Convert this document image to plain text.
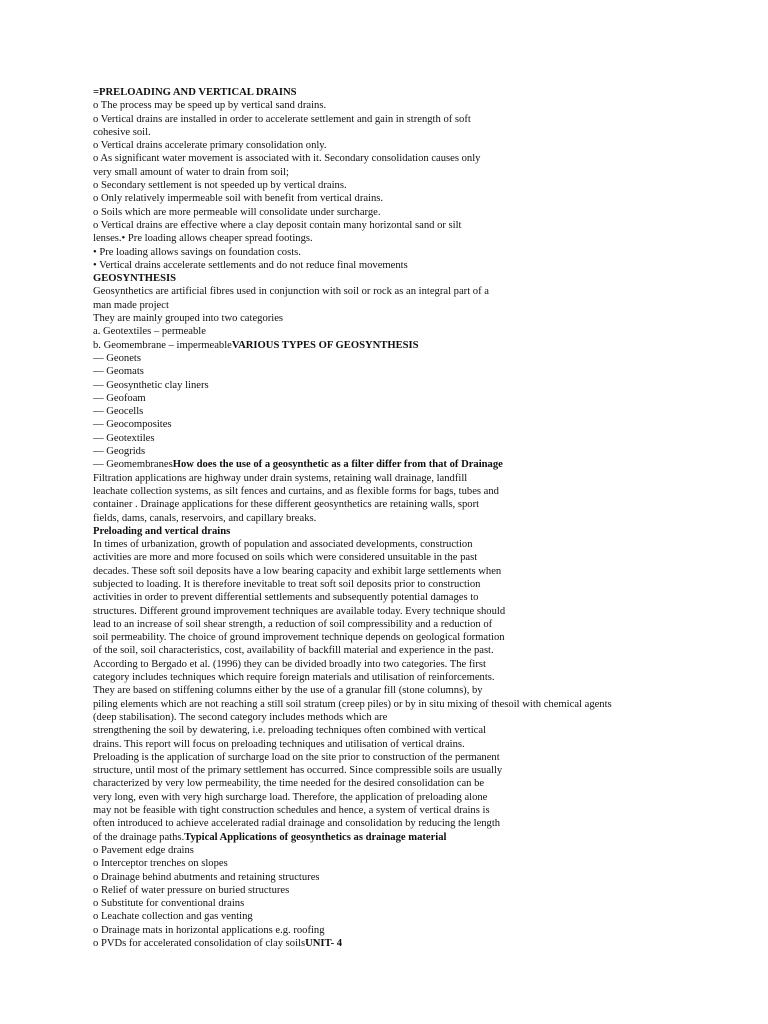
=PRELOADING AND VERTICAL DRAINS
o The process may be speed up by vertical sand drains.
o Vertical drains are installed in order to accelerate settlement and gain in strength of soft
cohesive soil.
o Vertical drains accelerate primary consolidation only.
o As significant water movement is associated with it. Secondary consolidation causes only
very small amount of water to drain from soil;
o Secondary settlement is not speeded up by vertical drains.
o Only relatively impermeable soil with benefit from vertical drains.
o Soils which are more permeable will consolidate under surcharge.
o Vertical drains are effective where a clay deposit contain many horizontal sand or silt
lenses.• Pre loading allows cheaper spread footings.
• Pre loading allows savings on foundation costs.
• Vertical drains accelerate settlements and do not reduce final movements
GEOSYNTHESIS
Geosynthetics are artificial fibres used in conjunction with soil or rock as an integral part of a
man made project
They are mainly grouped into two categories
a. Geotextiles – permeable
b. Geomembrane – impermeableVARIOUS TYPES OF GEOSYNTHESIS
— Geonets
— Geomats
— Geosynthetic clay liners
— Geofoam
— Geocells
— Geocomposites
— Geotextiles
— Geogrids
— GeomembranesHow does the use of a geosynthetic as a filter differ from that of Drainage
Filtration applications are highway under drain systems, retaining wall drainage, landfill
leachate collection systems, as silt fences and curtains, and as flexible forms for bags, tubes and
container . Drainage applications for these different geosynthetics are retaining walls, sport
fields, dams, canals, reservoirs, and capillary breaks.
Preloading and vertical drains
In times of urbanization, growth of population and associated developments, construction
activities are more and more focused on soils which were considered unsuitable in the past
decades. These soft soil deposits have a low bearing capacity and exhibit large settlements when
subjected to loading. It is therefore inevitable to treat soft soil deposits prior to construction
activities in order to prevent differential settlements and subsequently potential damages to
structures. Different ground improvement techniques are available today. Every technique should
lead to an increase of soil shear strength, a reduction of soil compressibility and a reduction of
soil permeability. The choice of ground improvement technique depends on geological formation
of the soil, soil characteristics, cost, availability of backfill material and experience in the past.
According to Bergado et al. (1996) they can be divided broadly into two categories. The first
category includes techniques which require foreign materials and utilisation of reinforcements.
They are based on stiffening columns either by the use of a granular fill (stone columns), by
piling elements which are not reaching a still soil stratum (creep piles) or by in situ mixing of thesoil with chemical agents
(deep stabilisation). The second category includes methods which are
strengthening the soil by dewatering, i.e. preloading techniques often combined with vertical
drains. This report will focus on preloading techniques and utilisation of vertical drains.
Preloading is the application of surcharge load on the site prior to construction of the permanent
structure, until most of the primary settlement has occurred. Since compressible soils are usually
characterized by very low permeability, the time needed for the desired consolidation can be
very long, even with very high surcharge load. Therefore, the application of preloading alone
may not be feasible with tight construction schedules and hence, a system of vertical drains is
often introduced to achieve accelerated radial drainage and consolidation by reducing the length
of the drainage paths.Typical Applications of geosynthetics as drainage material
o Pavement edge drains
o Interceptor trenches on slopes
o Drainage behind abutments and retaining structures
o Relief of water pressure on buried structures
o Substitute for conventional drains
o Leachate collection and gas venting
o Drainage mats in horizontal applications e.g. roofing
o PVDs for accelerated consolidation of clay soilsUNIT- 4
